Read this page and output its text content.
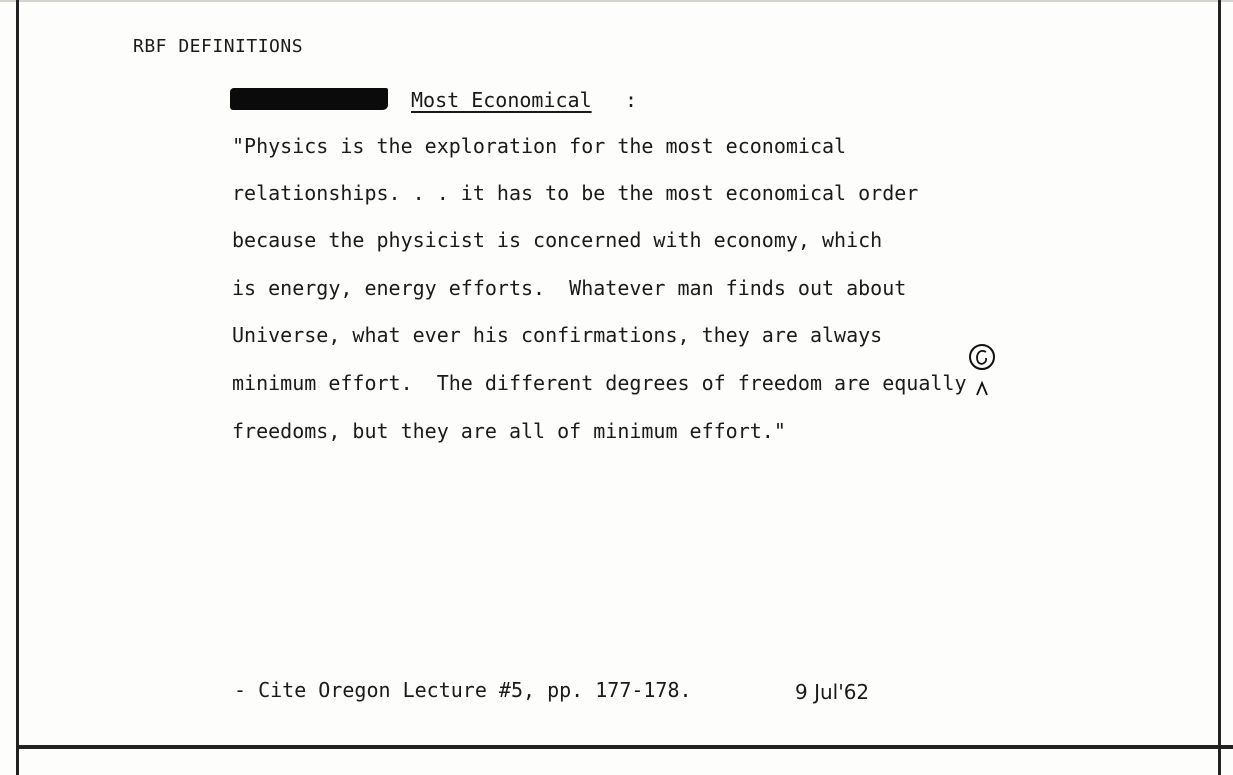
RBF DEFINITIONS
Most Economical :
"Physics is the exploration for the most economical
relationships. . . it has to be the most economical order
because the physicist is concerned with economy, which
is energy, energy efforts.  Whatever man finds out about
Universe, what ever his confirmations, they are always
minimum effort.  The different degrees of freedom are equally
freedoms, but they are all of minimum effort."
- Cite Oregon Lecture #5, pp. 177-178.	9 Jul'62
